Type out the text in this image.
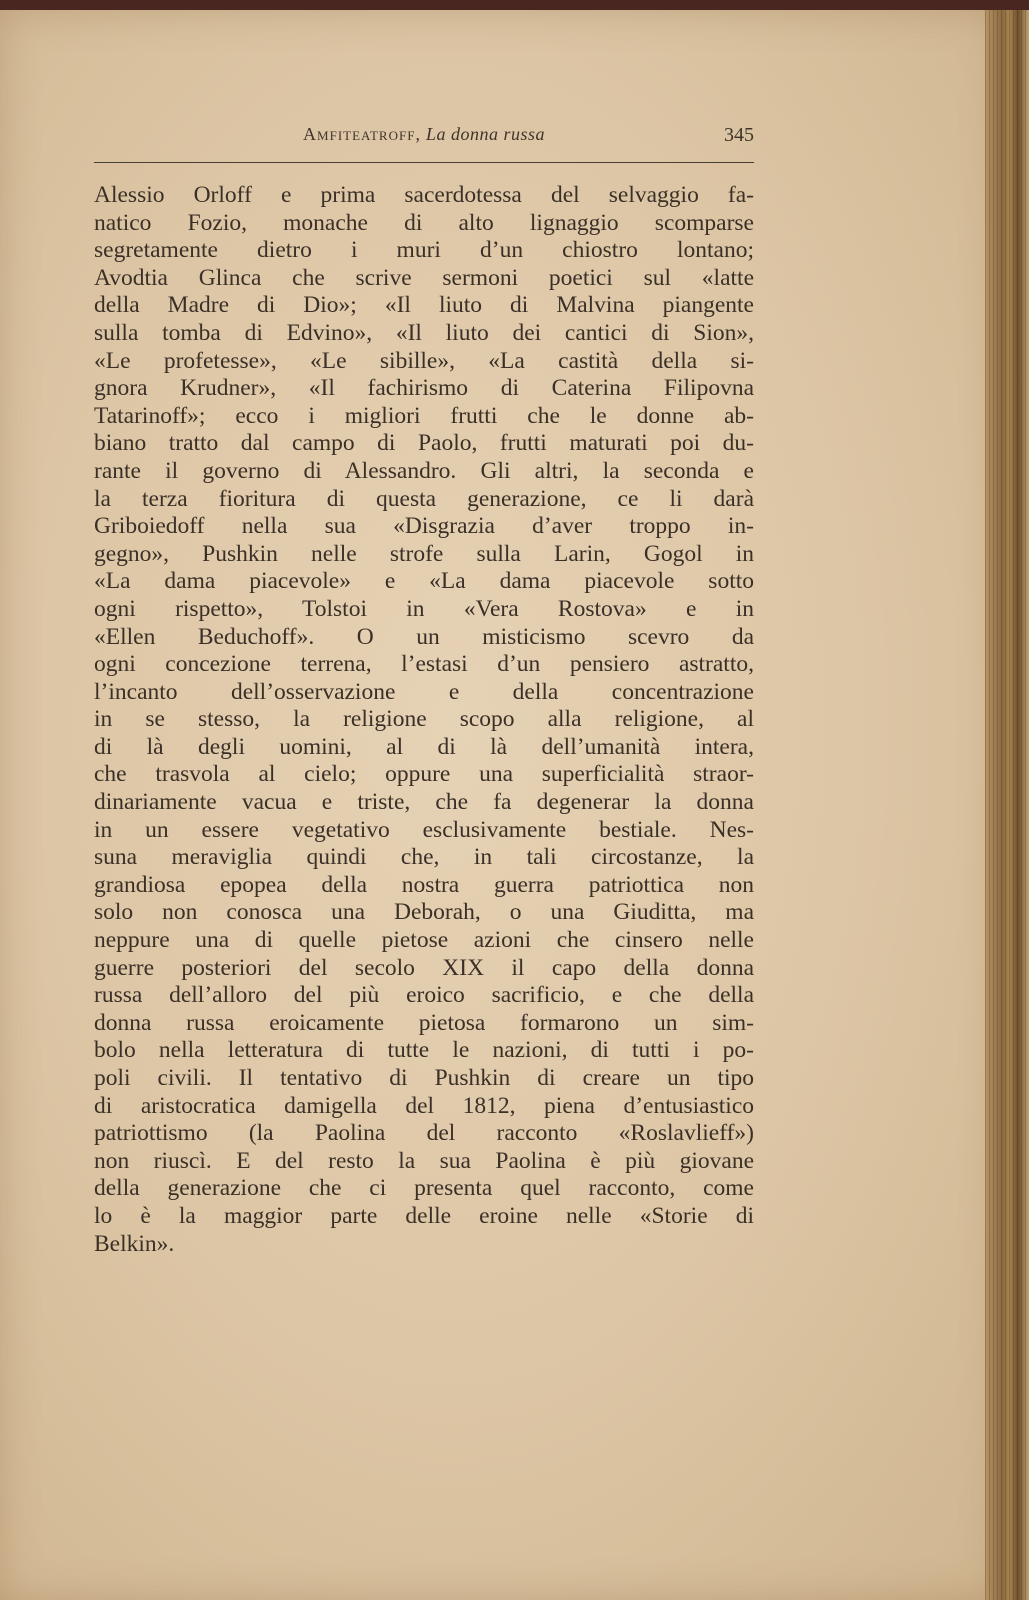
Amfiteatroff, La donna russa	345
Alessio Orloff e prima sacerdotessa del selvaggio fa-
natico Fozio, monache di alto lignaggio scomparse
segretamente dietro i muri d’un chiostro lontano;
Avodtia Glinca che scrive sermoni poetici sul «latte
della Madre di Dio»; «Il liuto di Malvina piangente
sulla tomba di Edvino», «Il liuto dei cantici di Sion»,
«Le profetesse», «Le sibille», «La castità della si-
gnora Krudner», «Il fachirismo di Caterina Filipovna
Tatarinoff»; ecco i migliori frutti che le donne ab-
biano tratto dal campo di Paolo, frutti maturati poi du-
rante il governo di Alessandro. Gli altri, la seconda e
la terza fioritura di questa generazione, ce li darà
Griboiedoff nella sua «Disgrazia d’aver troppo in-
gegno», Pushkin nelle strofe sulla Larin, Gogol in
«La dama piacevole» e «La dama piacevole sotto
ogni rispetto», Tolstoi in «Vera Rostova» e in
«Ellen Beduchoff». O un misticismo scevro da
ogni concezione terrena, l’estasi d’un pensiero astratto,
l’incanto dell’osservazione e della concentrazione
in se stesso, la religione scopo alla religione, al
di là degli uomini, al di là dell’umanità intera,
che trasvola al cielo; oppure una superficialità straor-
dinariamente vacua e triste, che fa degenerar la donna
in un essere vegetativo esclusivamente bestiale. Nes-
suna meraviglia quindi che, in tali circostanze, la
grandiosa epopea della nostra guerra patriottica non
solo non conosca una Deborah, o una Giuditta, ma
neppure una di quelle pietose azioni che cinsero nelle
guerre posteriori del secolo XIX il capo della donna
russa dell’alloro del più eroico sacrificio, e che della
donna russa eroicamente pietosa formarono un sim-
bolo nella letteratura di tutte le nazioni, di tutti i po-
poli civili. Il tentativo di Pushkin di creare un tipo
di aristocratica damigella del 1812, piena d’entusiastico
patriottismo (la Paolina del racconto «Roslavlieff»)
non riuscì. E del resto la sua Paolina è più giovane
della generazione che ci presenta quel racconto, come
lo è la maggior parte delle eroine nelle «Storie di
Belkin».
